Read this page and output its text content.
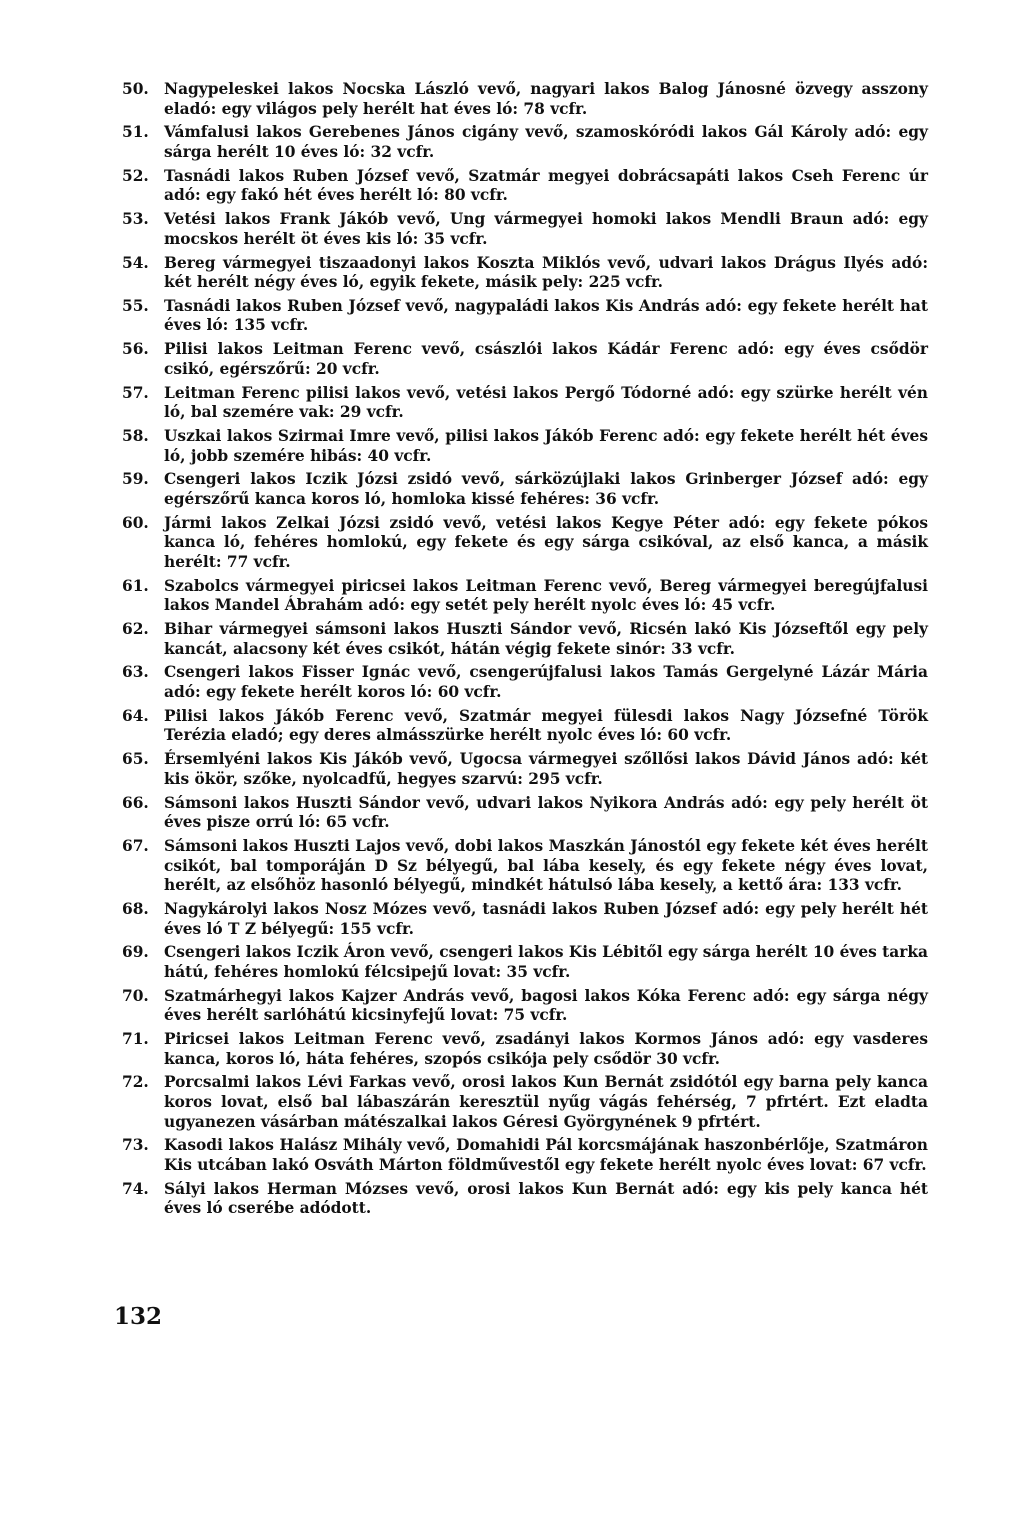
50. Nagypeleskei lakos Nocska László vevő, nagyari lakos Balog Jánosné özvegy asszony eladó: egy világos pely herélt hat éves ló: 78 vcfr.
51. Vámfalusi lakos Gerebenes János cigány vevő, szamoskóródi lakos Gál Károly adó: egy sárga herélt 10 éves ló: 32 vcfr.
52. Tasnádi lakos Ruben József vevő, Szatmár megyei dobrácsapáti lakos Cseh Ferenc úr adó: egy fakó hét éves herélt ló: 80 vcfr.
53. Vetési lakos Frank Jákób vevő, Ung vármegyei homoki lakos Mendli Braun adó: egy mocskos herélt öt éves kis ló: 35 vcfr.
54. Bereg vármegyei tiszaadonyi lakos Koszta Miklós vevő, udvari lakos Drágus Ilyés adó: két herélt négy éves ló, egyik fekete, másik pely: 225 vcfr.
55. Tasnádi lakos Ruben József vevő, nagypaládi lakos Kis András adó: egy fekete herélt hat éves ló: 135 vcfr.
56. Pilisi lakos Leitman Ferenc vevő, császlói lakos Kádár Ferenc adó: egy éves csődör csikó, egérszőrű: 20 vcfr.
57. Leitman Ferenc pilisi lakos vevő, vetési lakos Pergő Tódorné adó: egy szürke herélt vén ló, bal szemére vak: 29 vcfr.
58. Uszkai lakos Szirmai Imre vevő, pilisi lakos Jákób Ferenc adó: egy fekete herélt hét éves ló, jobb szemére hibás: 40 vcfr.
59. Csengeri lakos Iczik Józsi zsidó vevő, sárközújlaki lakos Grinberger József adó: egy egérszőrű kanca koros ló, homloka kissé fehéres: 36 vcfr.
60. Jármi lakos Zelkai Józsi zsidó vevő, vetési lakos Kegye Péter adó: egy fekete pókos kanca ló, fehéres homlokú, egy fekete és egy sárga csikóval, az első kanca, a másik herélt: 77 vcfr.
61. Szabolcs vármegyei piricsei lakos Leitman Ferenc vevő, Bereg vármegyei beregújfalusi lakos Mandel Ábrahám adó: egy setét pely herélt nyolc éves ló: 45 vcfr.
62. Bihar vármegyei sámsoni lakos Huszti Sándor vevő, Ricsén lakó Kis Józseftől egy pely kancát, alacsony két éves csikót, hátán végig fekete sinór: 33 vcfr.
63. Csengeri lakos Fisser Ignác vevő, csengerújfalusi lakos Tamás Gergelyné Lázár Mária adó: egy fekete herélt koros ló: 60 vcfr.
64. Pilisi lakos Jákób Ferenc vevő, Szatmár megyei fülesdi lakos Nagy Józsefné Török Terézia eladó; egy deres almásszürke herélt nyolc éves ló: 60 vcfr.
65. Érsemlyéni lakos Kis Jákób vevő, Ugocsa vármegyei szőllősi lakos Dávid János adó: két kis ökör, szőke, nyolcadfű, hegyes szarvú: 295 vcfr.
66. Sámsoni lakos Huszti Sándor vevő, udvari lakos Nyikora András adó: egy pely herélt öt éves pisze orrú ló: 65 vcfr.
67. Sámsoni lakos Huszti Lajos vevő, dobi lakos Maszkán Jánostól egy fekete két éves herélt csikót, bal tomporáján D Sz bélyegű, bal lába kesely, és egy fekete négy éves lovat, herélt, az elsőhöz hasonló bélyegű, mindkét hátulsó lába kesely, a kettő ára: 133 vcfr.
68. Nagykárolyi lakos Nosz Mózes vevő, tasnádi lakos Ruben József adó: egy pely herélt hét éves ló T Z bélyegű: 155 vcfr.
69. Csengeri lakos Iczik Áron vevő, csengeri lakos Kis Lébitől egy sárga herélt 10 éves tarka hátú, fehéres homlokú félcsipejű lovat: 35 vcfr.
70. Szatmárhegyi lakos Kajzer András vevő, bagosi lakos Kóka Ferenc adó: egy sárga négy éves herélt sarlóhátú kicsinyfejű lovat: 75 vcfr.
71. Piricsei lakos Leitman Ferenc vevő, zsadányi lakos Kormos János adó: egy vasderes kanca, koros ló, háta fehéres, szopós csikója pely csődör 30 vcfr.
72. Porcsalmi lakos Lévi Farkas vevő, orosi lakos Kun Bernát zsidótól egy barna pely kanca koros lovat, első bal lábaszárán keresztül nyűg vágás fehérség, 7 pfrtért. Ezt eladta ugyanezen vásárban mátészalkai lakos Géresi Györgynének 9 pfrtért.
73. Kasodi lakos Halász Mihály vevő, Domahidi Pál korcsmájának haszonbérlője, Szatmáron Kis utcában lakó Osváth Márton földművestől egy fekete herélt nyolc éves lovat: 67 vcfr.
74. Sályi lakos Herman Mózses vevő, orosi lakos Kun Bernát adó: egy kis pely kanca hét éves ló cserébe adódott.
132
